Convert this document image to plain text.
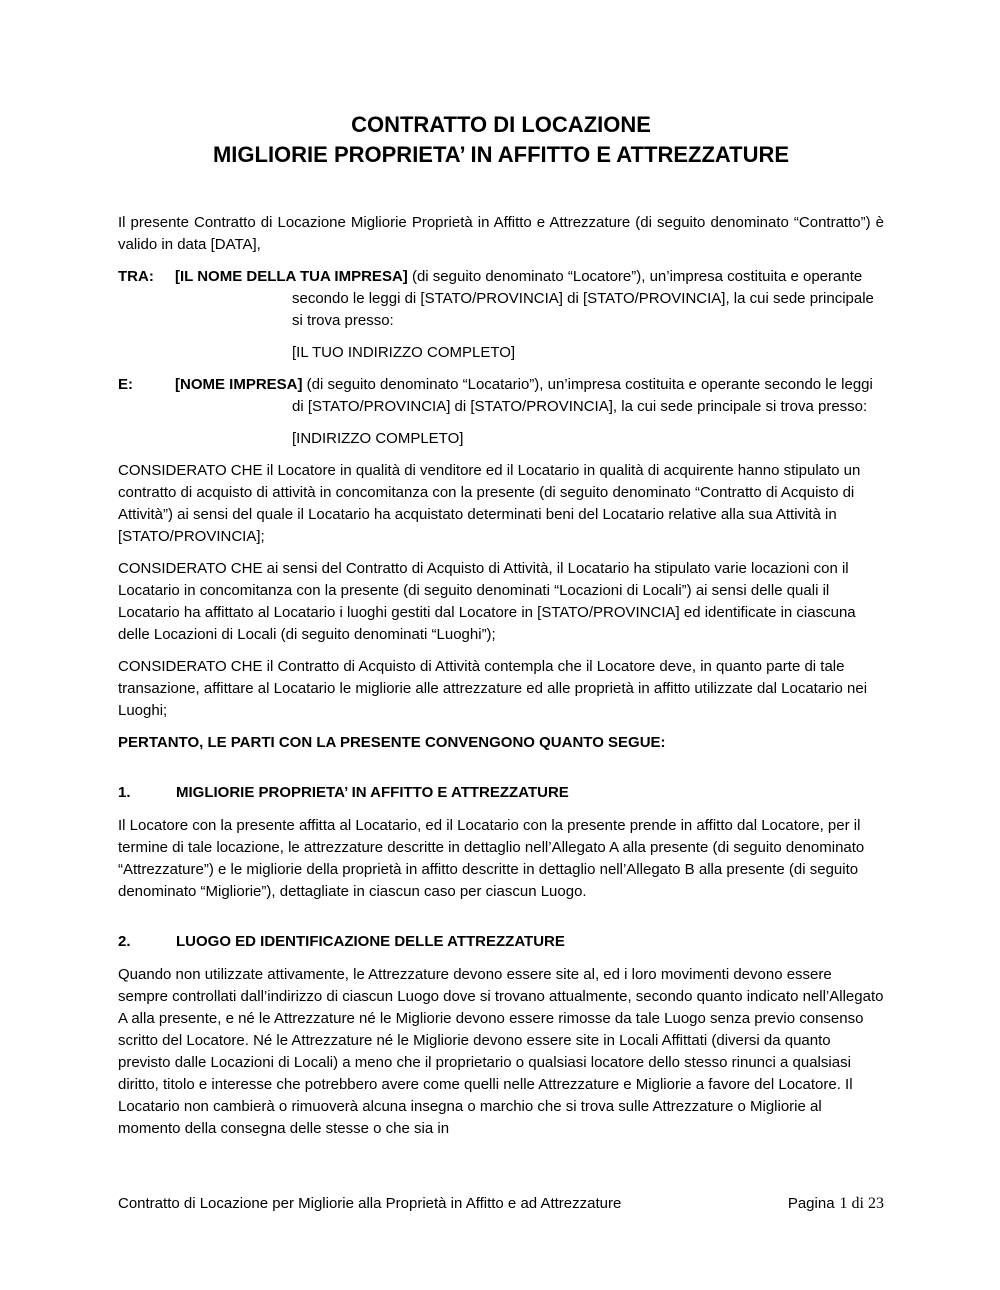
CONTRATTO DI LOCAZIONE
MIGLIORIE PROPRIETA’ IN AFFITTO E ATTREZZATURE

Il presente Contratto di Locazione Migliorie Proprietà in Affitto e Attrezzature (di seguito denominato “Contratto”) è valido in data [DATA],

TRA: [IL NOME DELLA TUA IMPRESA] (di seguito denominato “Locatore”), un’impresa costituita e operante secondo le leggi di [STATO/PROVINCIA] di [STATO/PROVINCIA], la cui sede principale si trova presso:

[IL TUO INDIRIZZO COMPLETO]

E:	[NOME IMPRESA] (di seguito denominato “Locatario”), un’impresa costituita e operante secondo le leggi di [STATO/PROVINCIA] di [STATO/PROVINCIA], la cui sede principale si trova presso:

[INDIRIZZO COMPLETO]

CONSIDERATO CHE il Locatore in qualità di venditore ed il Locatario in qualità di acquirente hanno stipulato un contratto di acquisto di attività in concomitanza con la presente (di seguito denominato “Contratto di Acquisto di Attività”) ai sensi del quale il Locatario ha acquistato determinati beni del Locatario relative alla sua Attività in [STATO/PROVINCIA];

CONSIDERATO CHE ai sensi del Contratto di Acquisto di Attività, il Locatario ha stipulato varie locazioni con il Locatario in concomitanza con la presente (di seguito denominati “Locazioni di Locali”) ai sensi delle quali il Locatario ha affittato al Locatario i luoghi gestiti dal Locatore in [STATO/PROVINCIA] ed identificate in ciascuna delle Locazioni di Locali (di seguito denominati “Luoghi”);

CONSIDERATO CHE il Contratto di Acquisto di Attività contempla che il Locatore deve, in quanto parte di tale transazione, affittare al Locatario le migliorie alle attrezzature ed alle proprietà in affitto utilizzate dal Locatario nei Luoghi;

PERTANTO, LE PARTI CON LA PRESENTE CONVENGONO QUANTO SEGUE:

1.	MIGLIORIE PROPRIETA’ IN AFFITTO E ATTREZZATURE

Il Locatore con la presente affitta al Locatario, ed il Locatario con la presente prende in affitto dal Locatore, per il termine di tale locazione, le attrezzature descritte in dettaglio nell’Allegato A alla presente (di seguito denominato “Attrezzature”) e le migliorie della proprietà in affitto descritte in dettaglio nell’Allegato B alla presente (di seguito denominato “Migliorie”), dettagliate in ciascun caso per ciascun Luogo.

2.	LUOGO ED IDENTIFICAZIONE DELLE ATTREZZATURE

Quando non utilizzate attivamente, le Attrezzature devono essere site al, ed i loro movimenti devono essere sempre controllati dall’indirizzo di ciascun Luogo dove si trovano attualmente, secondo quanto indicato nell’Allegato A alla presente, e né le Attrezzature né le Migliorie devono essere rimosse da tale Luogo senza previo consenso scritto del Locatore. Né le Attrezzature né le Migliorie devono essere site in Locali Affittati (diversi da quanto previsto dalle Locazioni di Locali) a meno che il proprietario o qualsiasi locatore dello stesso rinunci a qualsiasi diritto, titolo e interesse che potrebbero avere come quelli nelle Attrezzature e Migliorie a favore del Locatore. Il Locatario non cambierà o rimuoverà alcuna insegna o marchio che si trova sulle Attrezzature o Migliorie al momento della consegna delle stesse o che sia in

Contratto di Locazione per Migliorie alla Proprietà in Affitto e ad Attrezzature	Pagina 1 di 23
